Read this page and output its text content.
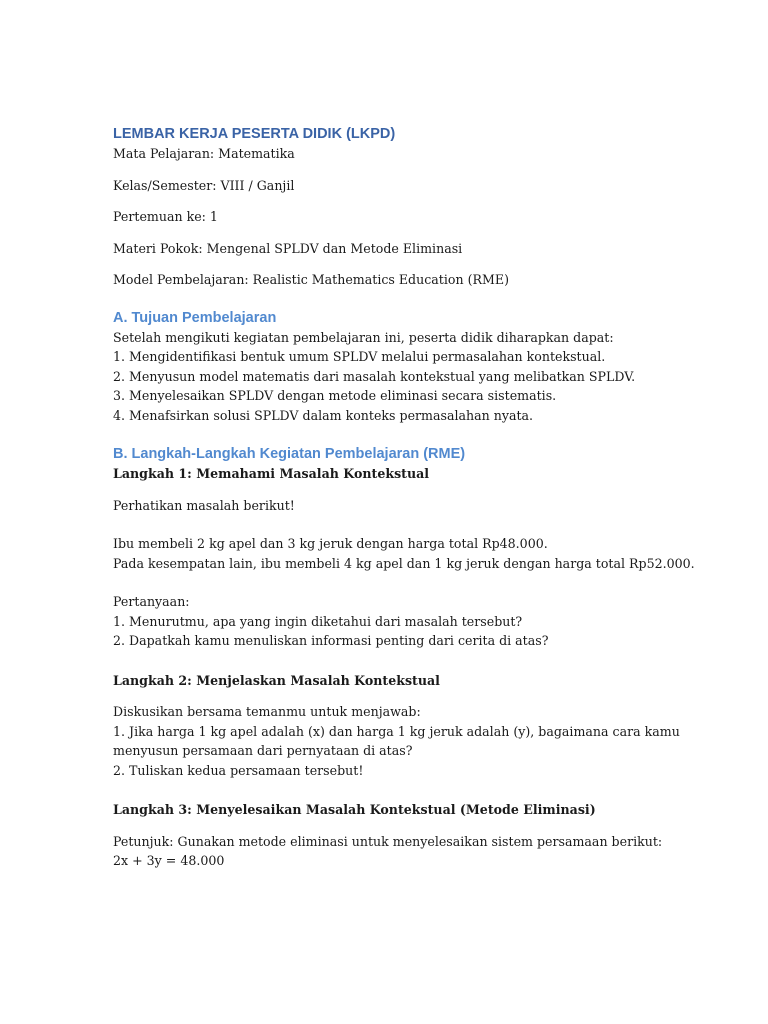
LEMBAR KERJA PESERTA DIDIK (LKPD)
Mata Pelajaran: Matematika
Kelas/Semester: VIII / Ganjil
Pertemuan ke: 1
Materi Pokok: Mengenal SPLDV dan Metode Eliminasi
Model Pembelajaran: Realistic Mathematics Education (RME)
A. Tujuan Pembelajaran
Setelah mengikuti kegiatan pembelajaran ini, peserta didik diharapkan dapat:
1. Mengidentifikasi bentuk umum SPLDV melalui permasalahan kontekstual.
2. Menyusun model matematis dari masalah kontekstual yang melibatkan SPLDV.
3. Menyelesaikan SPLDV dengan metode eliminasi secara sistematis.
4. Menafsirkan solusi SPLDV dalam konteks permasalahan nyata.
B. Langkah-Langkah Kegiatan Pembelajaran (RME)
Langkah 1: Memahami Masalah Kontekstual
Perhatikan masalah berikut!
Ibu membeli 2 kg apel dan 3 kg jeruk dengan harga total Rp48.000.
Pada kesempatan lain, ibu membeli 4 kg apel dan 1 kg jeruk dengan harga total Rp52.000.
Pertanyaan:
1. Menurutmu, apa yang ingin diketahui dari masalah tersebut?
2. Dapatkah kamu menuliskan informasi penting dari cerita di atas?
Langkah 2: Menjelaskan Masalah Kontekstual
Diskusikan bersama temanmu untuk menjawab:
1. Jika harga 1 kg apel adalah (x) dan harga 1 kg jeruk adalah (y), bagaimana cara kamu
menyusun persamaan dari pernyataan di atas?
2. Tuliskan kedua persamaan tersebut!
Langkah 3: Menyelesaikan Masalah Kontekstual (Metode Eliminasi)
Petunjuk: Gunakan metode eliminasi untuk menyelesaikan sistem persamaan berikut:
2x + 3y = 48.000
